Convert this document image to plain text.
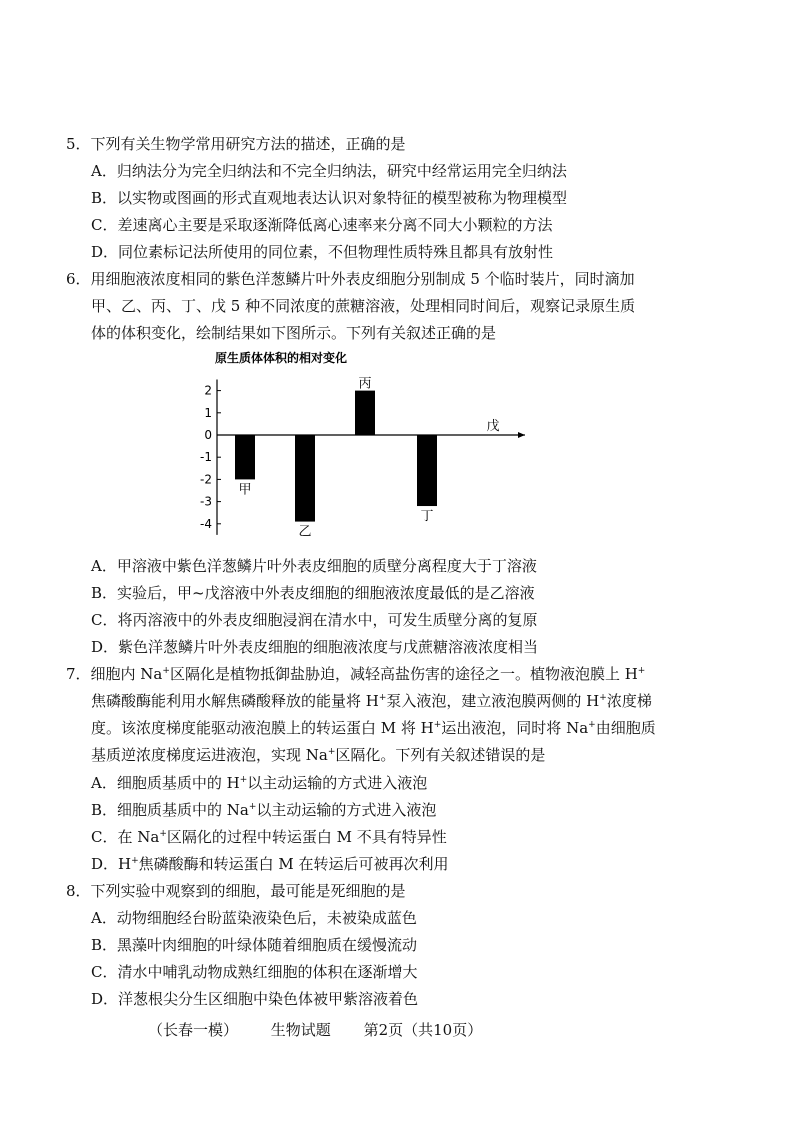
5．下列有关生物学常用研究方法的描述，正确的是
A．归纳法分为完全归纳法和不完全归纳法，研究中经常运用完全归纳法
B．以实物或图画的形式直观地表达认识对象特征的模型被称为物理模型
C．差速离心主要是采取逐渐降低离心速率来分离不同大小颗粒的方法
D．同位素标记法所使用的同位素，不但物理性质特殊且都具有放射性
6．用细胞液浓度相同的紫色洋葱鳞片叶外表皮细胞分别制成 5 个临时装片，同时滴加
甲、乙、丙、丁、戊 5 种不同浓度的蔗糖溶液，处理相同时间后，观察记录原生质
体的体积变化，绘制结果如下图所示。下列有关叙述正确的是
原生质体体积的相对变化
2
1
0
-1
-2
-3
-4
甲
乙
丙
丁
戊
A．甲溶液中紫色洋葱鳞片叶外表皮细胞的质壁分离程度大于丁溶液
B．实验后，甲~戊溶液中外表皮细胞的细胞液浓度最低的是乙溶液
C．将丙溶液中的外表皮细胞浸润在清水中，可发生质壁分离的复原
D．紫色洋葱鳞片叶外表皮细胞的细胞液浓度与戊蔗糖溶液浓度相当
7．细胞内 Na+区隔化是植物抵御盐胁迫，减轻高盐伤害的途径之一。植物液泡膜上 H+
焦磷酸酶能利用水解焦磷酸释放的能量将 H+泵入液泡，建立液泡膜两侧的 H+浓度梯
度。该浓度梯度能驱动液泡膜上的转运蛋白 M 将 H+运出液泡，同时将 Na+由细胞质
基质逆浓度梯度运进液泡，实现 Na+区隔化。下列有关叙述错误的是
A．细胞质基质中的 H+以主动运输的方式进入液泡
B．细胞质基质中的 Na+以主动运输的方式进入液泡
C．在 Na+区隔化的过程中转运蛋白 M 不具有特异性
D．H+焦磷酸酶和转运蛋白 M 在转运后可被再次利用
8．下列实验中观察到的细胞，最可能是死细胞的是
A．动物细胞经台盼蓝染液染色后，未被染成蓝色
B．黑藻叶肉细胞的叶绿体随着细胞质在缓慢流动
C．清水中哺乳动物成熟红细胞的体积在逐渐增大
D．洋葱根尖分生区细胞中染色体被甲紫溶液着色
（长春一模） 生物试题 第2页（共10页）
